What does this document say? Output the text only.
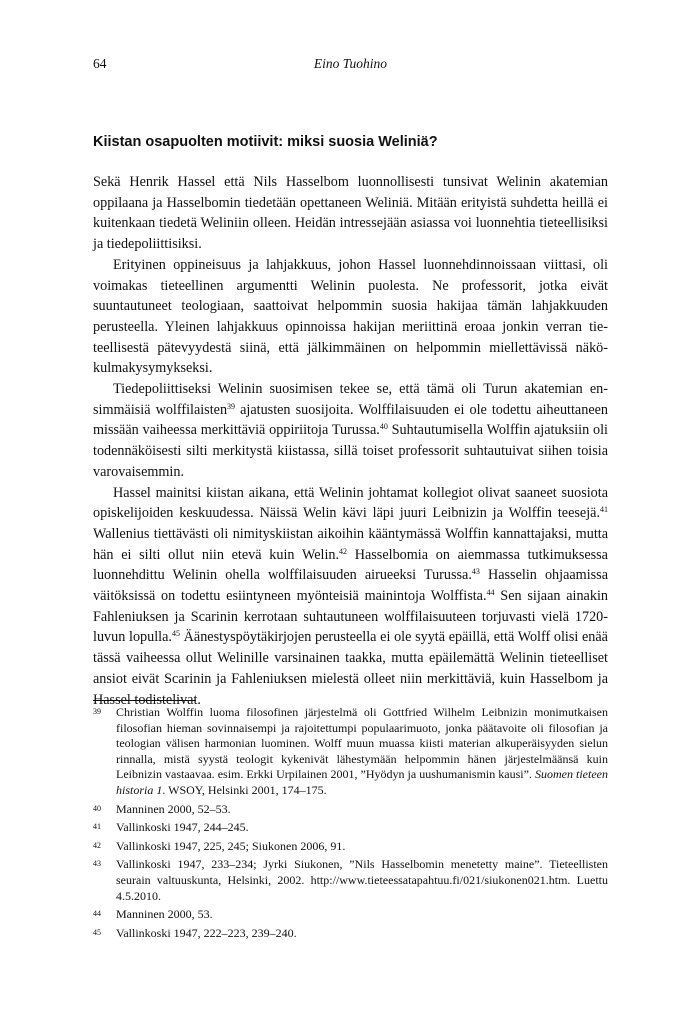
64	Eino Tuohino
Kiistan osapuolten motiivit: miksi suosia Weliniä?

Sekä Henrik Hassel että Nils Hasselbom luonnollisesti tunsivat Welinin akatemian oppilaana ja Hasselbomin tiedetään opettaneen Weliniä. Mitään erityistä suhdetta heillä ei kuitenkaan tiedetä Weliniin olleen. Heidän intressejään asiassa voi luonnehtia tieteellisiksi ja tiedepoliittisiksi.

Erityinen oppineisuus ja lahjakkuus, johon Hassel luonnehdinnoissaan viittasi, oli voimakas tieteellinen argumentti Welinin puolesta. Ne professorit, jotka eivät suuntautuneet teologiaan, saattoivat helpommin suosia hakijaa tämän lahjakkuuden perusteella. Yleinen lahjakkuus opinnoissa hakijan meriittinä eroaa jonkin verran tieteellisestä pätevyydestä siinä, että jälkimmäinen on helpommin miellettävissä näkökulmakysymykseksi.

Tiedepoliittiseksi Welinin suosimisen tekee se, että tämä oli Turun akatemian ensimmäisiä wolffilaisten$^{39}$ ajatusten suosijoita. Wolffilaisuuden ei ole todettu aiheuttaneen missään vaiheessa merkittäviä oppiriitoja Turussa.$^{40}$ Suhtautumisella Wolffin ajatuksiin oli todennäköisesti silti merkitystä kiistassa, sillä toiset professorit suhtautuivat siihen toisia varovaisemmin.

Hassel mainitsi kiistan aikana, että Welinin johtamat kollegiot olivat saaneet suosiota opiskelijoiden keskuudessa. Näissä Welin kävi läpi juuri Leibnizin ja Wolffin teesejä.$^{41}$ Wallenius tiettävästi oli nimityskiistan aikoihin kääntymässä Wolffin kannattajaksi, mutta hän ei silti ollut niin etevä kuin Welin.$^{42}$ Hasselbomia on aiemmassa tutkimuksessa luonnehdittu Welinin ohella wolffilaisuuden airueeksi Turussa.$^{43}$ Hasselin ohjaamissa väitöksissä on todettu esiintyneen myönteisiä mainintoja Wolffista.$^{44}$ Sen sijaan ainakin Fahleniuksen ja Scarinin kerrotaan suhtautuneen wolffilaisuuteen torjuvasti vielä 1720-luvun lopulla.$^{45}$ Äänestyspöytäkirjojen perusteella ei ole syytä epäillä, että Wolff olisi enää tässä vaiheessa ollut Welinille varsinainen taakka, mutta epäilemättä Welinin tieteelliset ansiot eivät Scarinin ja Fahleniuksen mielestä olleet niin merkittäviä, kuin Hasselbom ja Hassel todistelivat.

39	Christian Wolffin luoma filosofinen järjestelmä oli Gottfried Wilhelm Leibnizin monimutkaisen filosofian hieman sovinnaisempi ja rajoitettumpi populaarimuoto, jonka päätavoite oli filosofian ja teologian välisen harmonian luominen. Wolff muun muassa kiisti materian alkuperäisyyden sielun rinnalla, mistä syystä teologit kykenivät lähestymään helpommin hänen järjestelmäänsä kuin Leibnizin vastaavaa. esim. Erkki Urpilainen 2001, ”Hyödyn ja uushumanismin kausi”. Suomen tieteen historia 1. WSOY, Helsinki 2001, 174–175.
40	Manninen 2000, 52–53.
41	Vallinkoski 1947, 244–245.
42	Vallinkoski 1947, 225, 245; Siukonen 2006, 91.
43	Vallinkoski 1947, 233–234; Jyrki Siukonen, ”Nils Hasselbomin menetetty maine”. Tieteellisten seurain valtuuskunta, Helsinki, 2002. http://www.tieteessatapahtuu.fi/021/siukonen021.htm. Luettu 4.5.2010.
44	Manninen 2000, 53.
45	Vallinkoski 1947, 222–223, 239–240.
